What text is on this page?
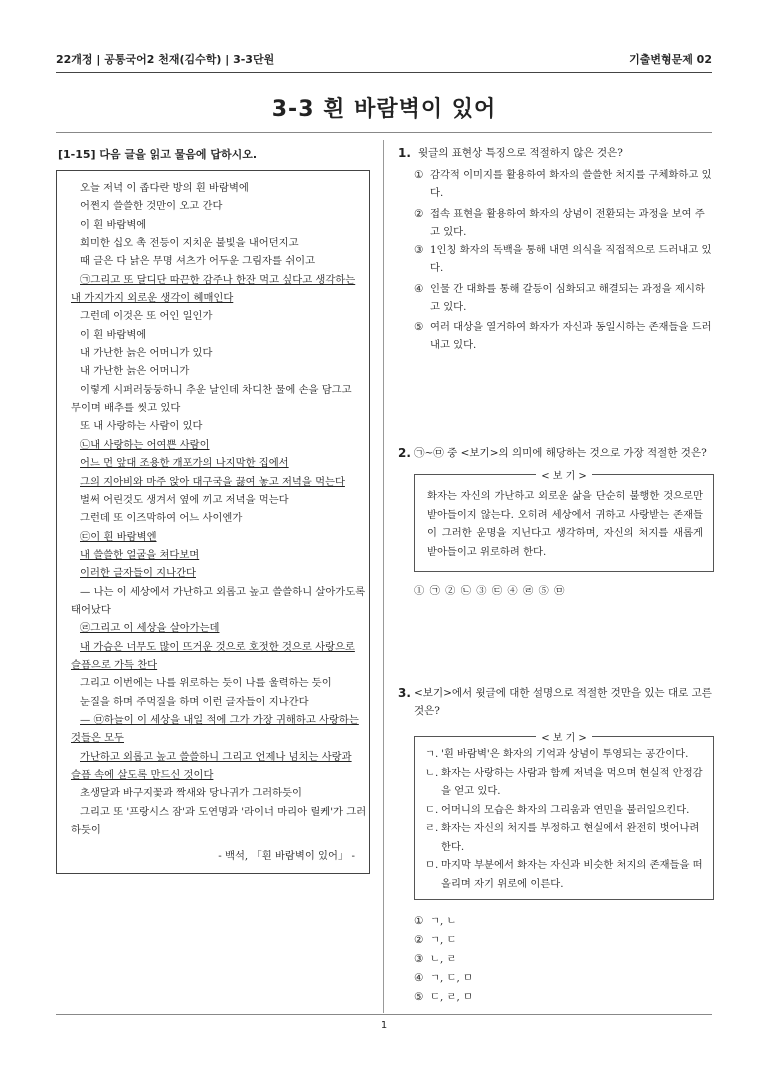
22개정 | 공통국어2 천재(김수학) | 3-3단원	기출변형문제 02
3-3 흰 바람벽이 있어
[1-15] 다음 글을 읽고 물음에 답하시오.
오늘 저녁 이 좁다란 방의 흰 바람벽에
어쩐지 쓸쓸한 것만이 오고 간다
이 흰 바람벽에
희미한 십오 촉 전등이 지치운 불빛을 내어던지고
때 글은 다 낡은 무명 셔츠가 어두운 그림자를 쉬이고
㉠그리고 또 달디단 따끈한 감주나 한잔 먹고 싶다고 생각하는
내 가지가지 외로운 생각이 헤매인다
그런데 이것은 또 어인 일인가
이 흰 바람벽에
내 가난한 늙은 어머니가 있다
내 가난한 늙은 어머니가
이렇게 시퍼러둥둥하니 추운 날인데 차디찬 물에 손을 담그고
무이며 배추를 씻고 있다
또 내 사랑하는 사람이 있다
㉡내 사랑하는 어여쁜 사람이
어느 먼 앞대 조용한 개포가의 나지막한 집에서
그의 지아비와 마주 앉아 대구국을 끓여 놓고 저녁을 먹는다
벌써 어린것도 생겨서 옆에 끼고 저녁을 먹는다
그런데 또 이즈막하여 어느 사이엔가
㉢이 흰 바람벽엔
내 쓸쓸한 얼굴을 쳐다보며
이러한 글자들이 지나간다
— 나는 이 세상에서 가난하고 외롭고 높고 쓸쓸하니 살아가도록
태어났다
㉣그리고 이 세상을 살아가는데
내 가슴은 너무도 많이 뜨거운 것으로 호젓한 것으로 사랑으로
슬픔으로 가득 찬다
그리고 이번에는 나를 위로하는 듯이 나를 울력하는 듯이
눈질을 하며 주먹질을 하며 이런 글자들이 지나간다
— ㉤하늘이 이 세상을 내일 적에 그가 가장 귀해하고 사랑하는
것들은 모두
가난하고 외롭고 높고 쓸쓸하니 그리고 언제나 넘치는 사랑과
슬픔 속에 살도록 만드신 것이다
초생달과 바구지꽃과 짝새와 당나귀가 그러하듯이
그리고 또 '프랑시스 잠'과 도연명과 '라이너 마리아 릴케'가 그러
하듯이
- 백석, 「흰 바람벽이 있어」 -
1. 윗글의 표현상 특징으로 적절하지 않은 것은?
① 감각적 이미지를 활용하여 화자의 쓸쓸한 처지를 구체화하고 있다.
② 접속 표현을 활용하여 화자의 상념이 전환되는 과정을 보여 주고 있다.
③ 1인칭 화자의 독백을 통해 내면 의식을 직접적으로 드러내고 있다.
④ 인물 간 대화를 통해 갈등이 심화되고 해결되는 과정을 제시하고 있다.
⑤ 여러 대상을 열거하여 화자가 자신과 동일시하는 존재들을 드러내고 있다.
2. ㉠~㉤ 중 <보기>의 의미에 해당하는 것으로 가장 적절한 것은?
< 보 기 >
화자는 자신의 가난하고 외로운 삶을 단순히 불행한 것으로만 받아들이지 않는다. 오히려 세상에서 귀하고 사랑받는 존재들이 그러한 운명을 지닌다고 생각하며, 자신의 처지를 새롭게 받아들이고 위로하려 한다.
① ㉠ ② ㉡ ③ ㉢ ④ ㉣ ⑤ ㉤
3. <보기>에서 윗글에 대한 설명으로 적절한 것만을 있는 대로 고른 것은?
< 보 기 >
ㄱ. '흰 바람벽'은 화자의 기억과 상념이 투영되는 공간이다.
ㄴ. 화자는 사랑하는 사람과 함께 저녁을 먹으며 현실적 안정감을 얻고 있다.
ㄷ. 어머니의 모습은 화자의 그리움과 연민을 불러일으킨다.
ㄹ. 화자는 자신의 처지를 부정하고 현실에서 완전히 벗어나려 한다.
ㅁ. 마지막 부분에서 화자는 자신과 비슷한 처지의 존재들을 떠올리며 자기 위로에 이른다.
① ㄱ, ㄴ
② ㄱ, ㄷ
③ ㄴ, ㄹ
④ ㄱ, ㄷ, ㅁ
⑤ ㄷ, ㄹ, ㅁ
1
